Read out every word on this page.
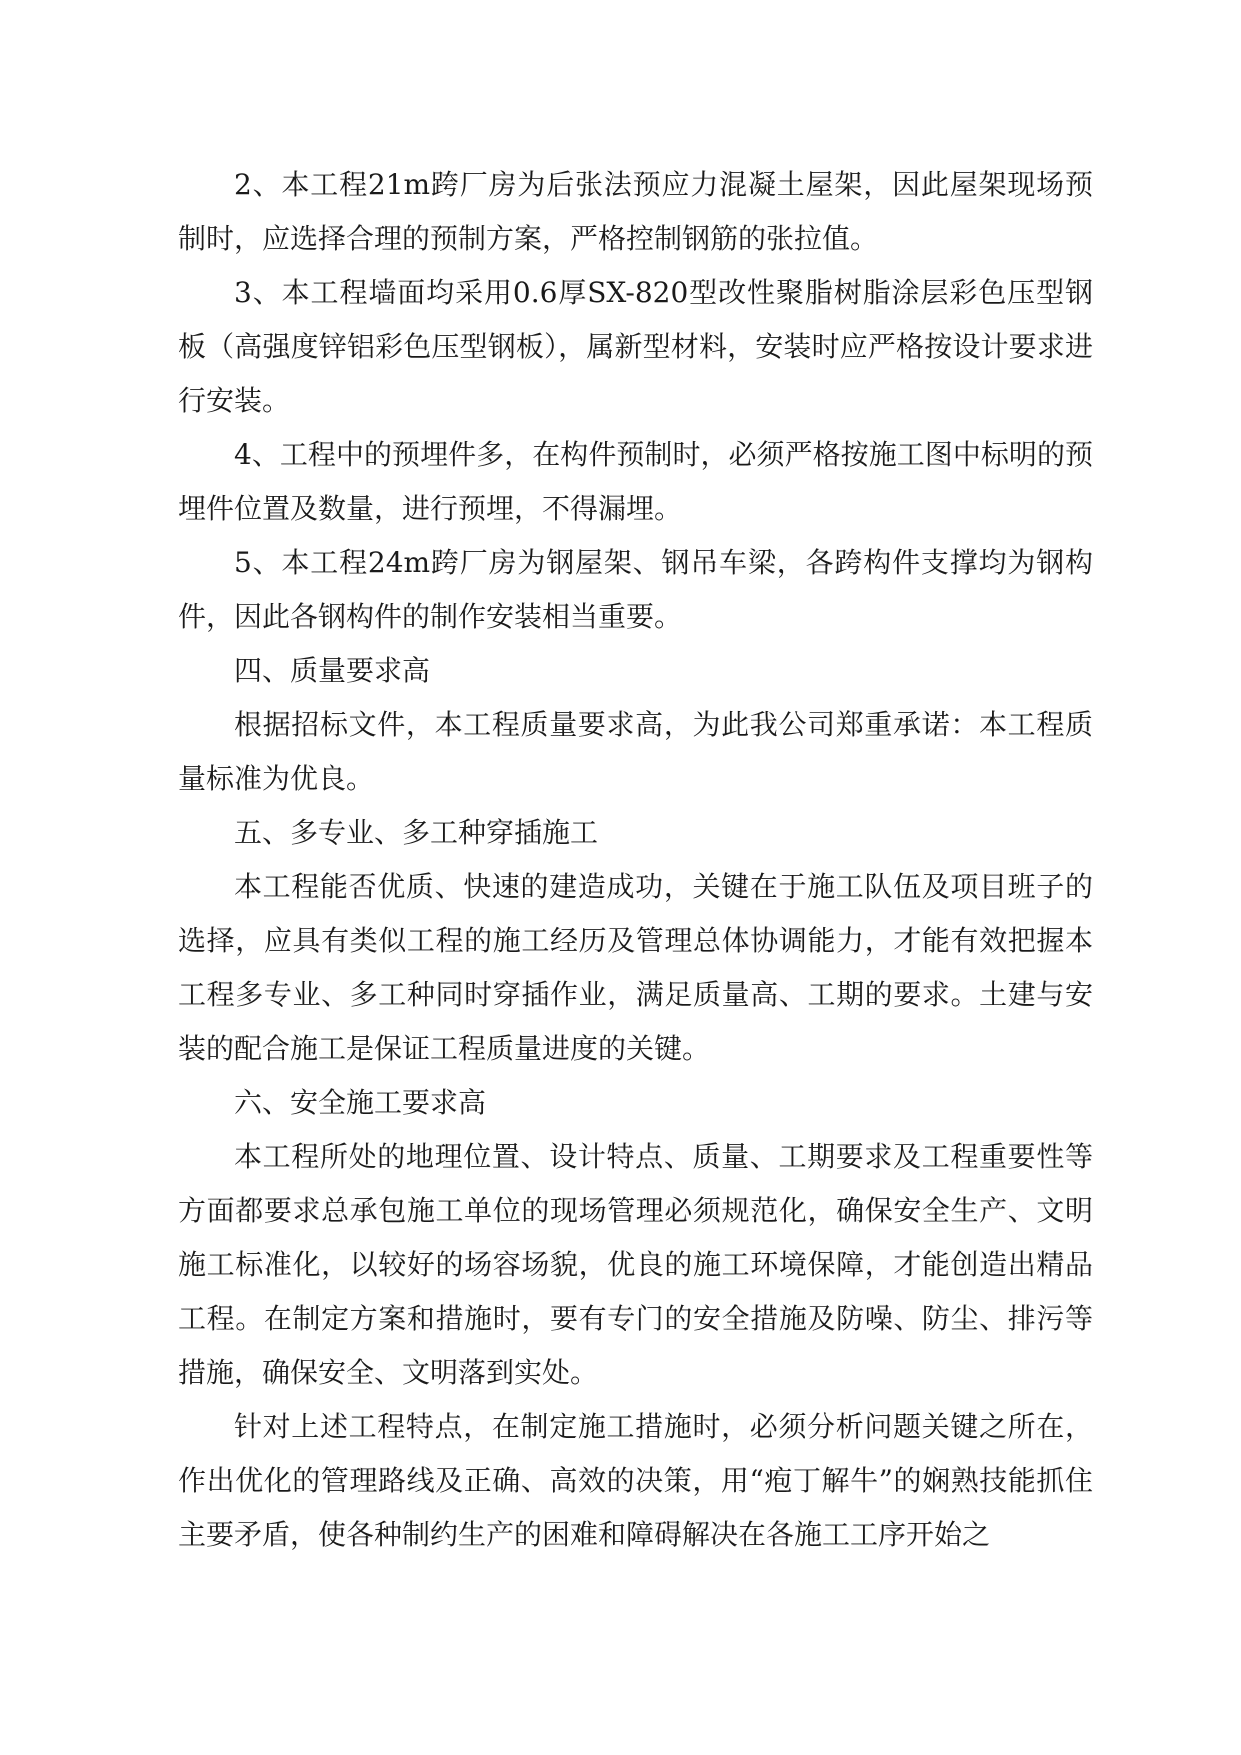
2、本工程21m跨厂房为后张法预应力混凝土屋架，因此屋架现场预制时，应选择合理的预制方案，严格控制钢筋的张拉值。

3、本工程墙面均采用0.6厚SX-820型改性聚脂树脂涂层彩色压型钢板（高强度锌铝彩色压型钢板），属新型材料，安装时应严格按设计要求进行安装。

4、工程中的预埋件多，在构件预制时，必须严格按施工图中标明的预埋件位置及数量，进行预埋，不得漏埋。

5、本工程24m跨厂房为钢屋架、钢吊车梁，各跨构件支撑均为钢构件，因此各钢构件的制作安装相当重要。

四、质量要求高

根据招标文件，本工程质量要求高，为此我公司郑重承诺：本工程质量标准为优良。

五、多专业、多工种穿插施工

本工程能否优质、快速的建造成功，关键在于施工队伍及项目班子的选择，应具有类似工程的施工经历及管理总体协调能力，才能有效把握本工程多专业、多工种同时穿插作业，满足质量高、工期的要求。土建与安装的配合施工是保证工程质量进度的关键。

六、安全施工要求高

本工程所处的地理位置、设计特点、质量、工期要求及工程重要性等方面都要求总承包施工单位的现场管理必须规范化，确保安全生产、文明施工标准化，以较好的场容场貌，优良的施工环境保障，才能创造出精品工程。在制定方案和措施时，要有专门的安全措施及防噪、防尘、排污等措施，确保安全、文明落到实处。

针对上述工程特点，在制定施工措施时，必须分析问题关键之所在，作出优化的管理路线及正确、高效的决策，用“疱丁解牛”的娴熟技能抓住主要矛盾，使各种制约生产的困难和障碍解决在各施工工序开始之
